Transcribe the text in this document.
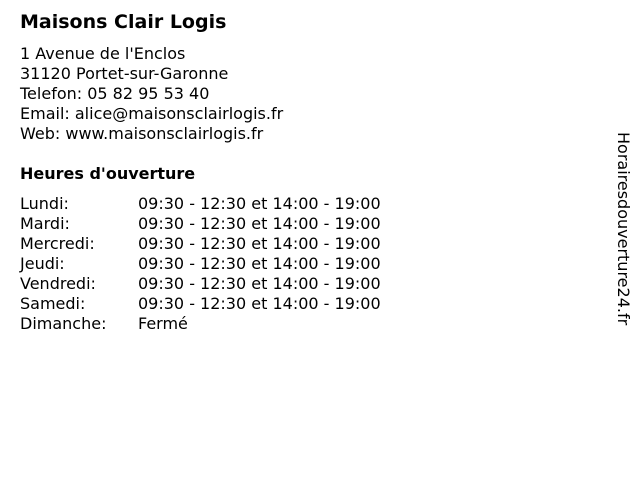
Maisons Clair Logis
1 Avenue de l'Enclos
31120 Portet-sur-Garonne
Telefon: 05 82 95 53 40
Email: alice@maisonsclairlogis.fr
Web: www.maisonsclairlogis.fr
Heures d'ouverture
Lundi:	09:30 - 12:30 et 14:00 - 19:00
Mardi:	09:30 - 12:30 et 14:00 - 19:00
Mercredi:	09:30 - 12:30 et 14:00 - 19:00
Jeudi:	09:30 - 12:30 et 14:00 - 19:00
Vendredi:	09:30 - 12:30 et 14:00 - 19:00
Samedi:	09:30 - 12:30 et 14:00 - 19:00
Dimanche: Fermé	Horairesdouverture24.fr
